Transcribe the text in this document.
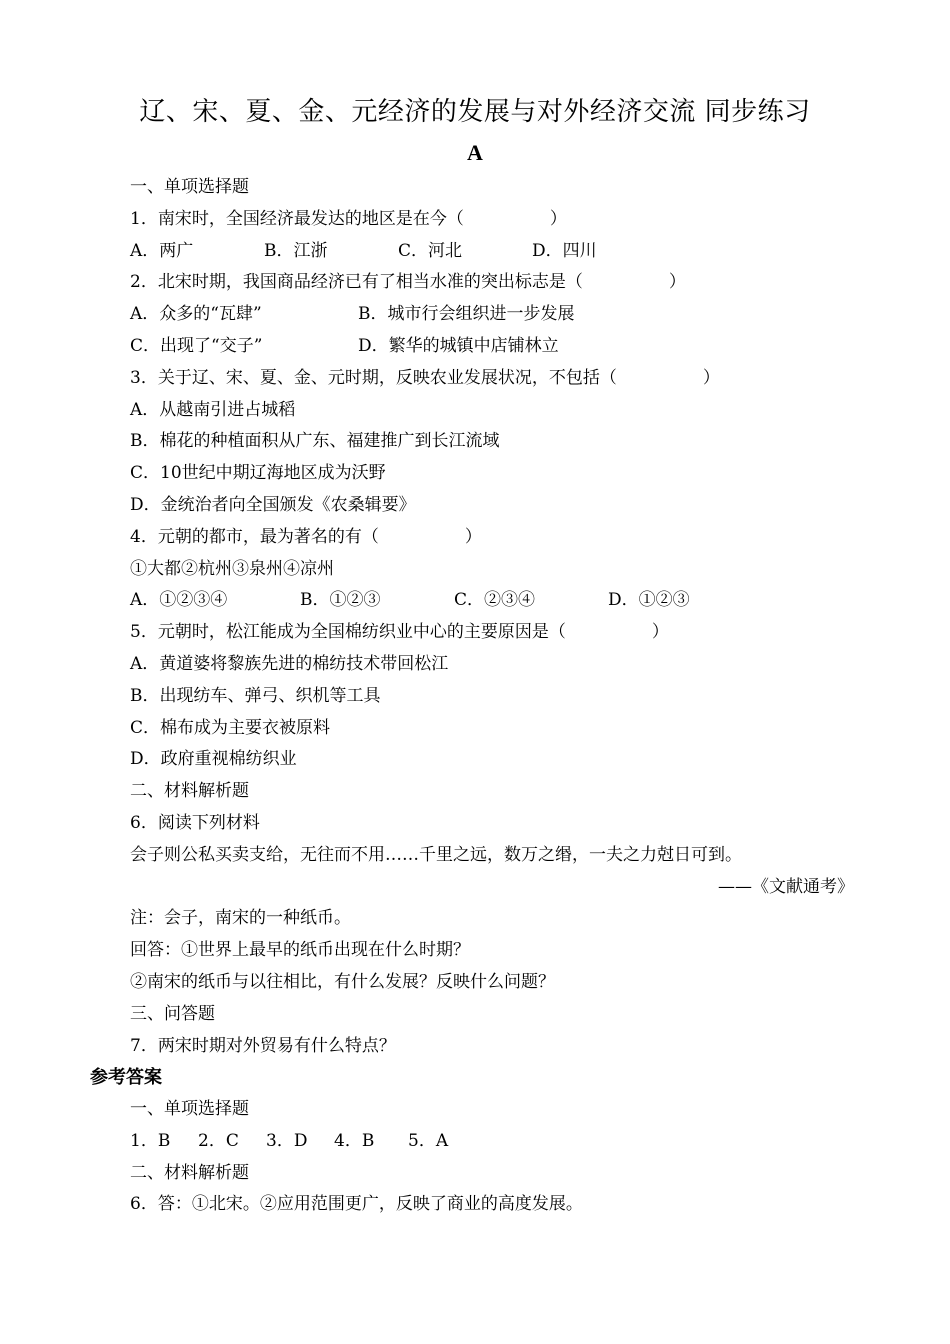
辽、宋、夏、金、元经济的发展与对外经济交流 同步练习
A
一、单项选择题
1．南宋时，全国经济最发达的地区是在今（	）
A．两广	B．江浙	C．河北	D．四川
2．北宋时期，我国商品经济已有了相当水准的突出标志是（	）
A．众多的“瓦肆”	B．城市行会组织进一步发展
C．出现了“交子”	D．繁华的城镇中店铺林立
3．关于辽、宋、夏、金、元时期，反映农业发展状况，不包括（	）
A．从越南引进占城稻
B．棉花的种植面积从广东、福建推广到长江流域
C．10世纪中期辽海地区成为沃野
D．金统治者向全国颁发《农桑辑要》
4．元朝的都市，最为著名的有（	）
①大都②杭州③泉州④凉州
A．①②③④	B．①②③	C．②③④	D．①②③
5．元朝时，松江能成为全国棉纺织业中心的主要原因是（	）
A．黄道婆将黎族先进的棉纺技术带回松江
B．出现纺车、弹弓、织机等工具
C．棉布成为主要衣被原料
D．政府重视棉纺织业
二、材料解析题
6．阅读下列材料
会子则公私买卖支给，无往而不用……千里之远，数万之缗，一夫之力尅日可到。
——《文献通考》
注：会子，南宋的一种纸币。
回答：①世界上最早的纸币出现在什么时期？
②南宋的纸币与以往相比，有什么发展？反映什么问题？
三、问答题
7．两宋时期对外贸易有什么特点？
参考答案
一、单项选择题
1．B 2．C 3．D 4．B 5．A
二、材料解析题
6．答：①北宋。②应用范围更广，反映了商业的高度发展。
